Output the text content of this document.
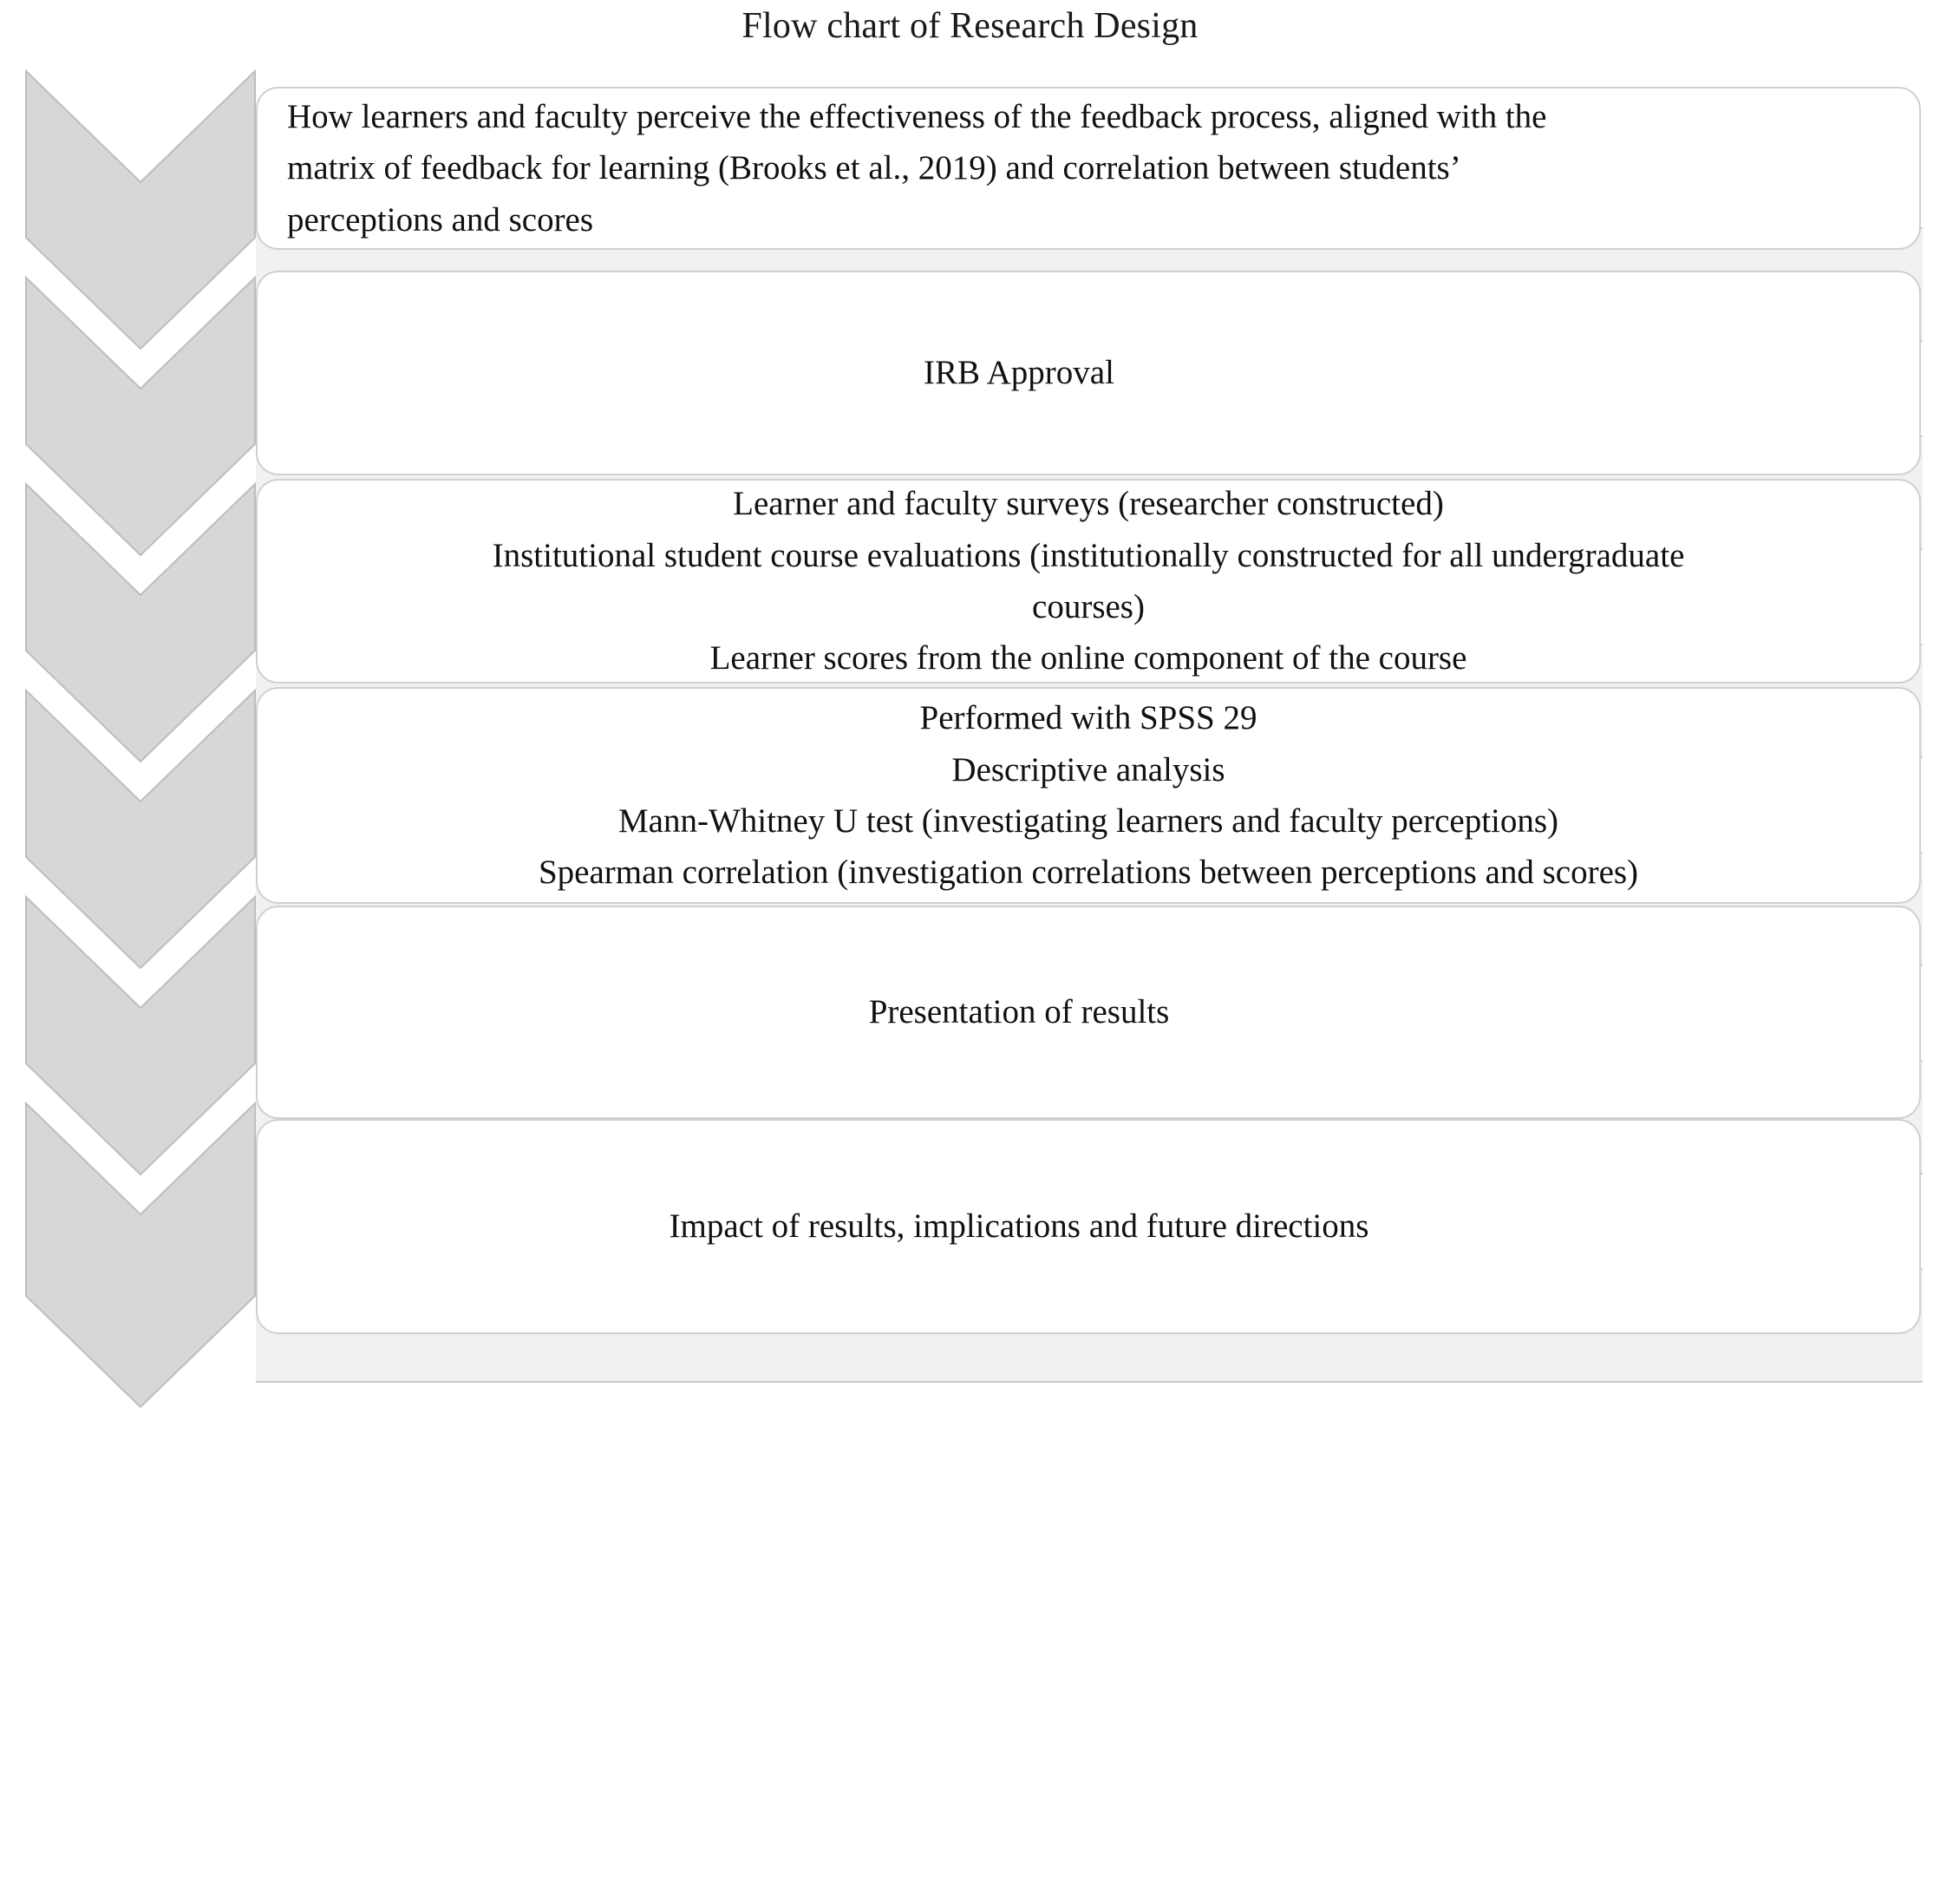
Flow chart of Research Design
How learners and faculty perceive the effectiveness of the feedback process, aligned with the
matrix of feedback for learning (Brooks et al., 2019) and correlation between students’
perceptions and scores
IRB Approval
Learner and faculty surveys (researcher constructed)
Institutional student course evaluations (institutionally constructed for all undergraduate
courses)
Learner scores from the online component of the course
Performed with SPSS 29
Descriptive analysis
Mann-Whitney U test (investigating learners and faculty perceptions)
Spearman correlation (investigation correlations between perceptions and scores)
Presentation of results
Impact of results, implications and future directions
